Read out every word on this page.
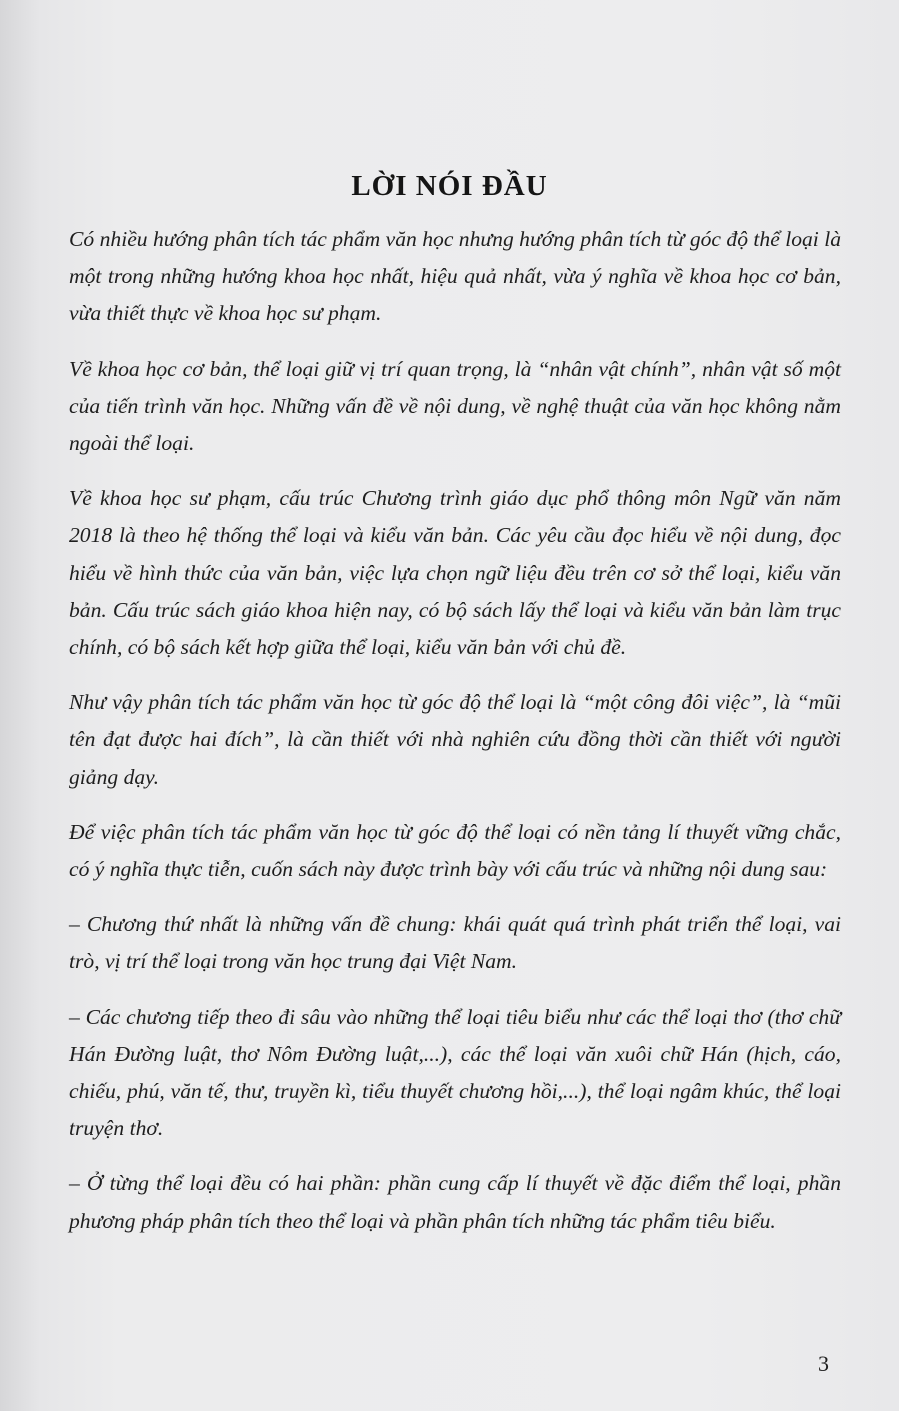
LỜI NÓI ĐẦU

Có nhiều hướng phân tích tác phẩm văn học nhưng hướng phân tích từ góc độ thể loại là một trong những hướng khoa học nhất, hiệu quả nhất, vừa ý nghĩa về khoa học cơ bản, vừa thiết thực về khoa học sư phạm.

Về khoa học cơ bản, thể loại giữ vị trí quan trọng, là “nhân vật chính”, nhân vật số một của tiến trình văn học. Những vấn đề về nội dung, về nghệ thuật của văn học không nằm ngoài thể loại.

Về khoa học sư phạm, cấu trúc Chương trình giáo dục phổ thông môn Ngữ văn năm 2018 là theo hệ thống thể loại và kiểu văn bản. Các yêu cầu đọc hiểu về nội dung, đọc hiểu về hình thức của văn bản, việc lựa chọn ngữ liệu đều trên cơ sở thể loại, kiểu văn bản. Cấu trúc sách giáo khoa hiện nay, có bộ sách lấy thể loại và kiểu văn bản làm trục chính, có bộ sách kết hợp giữa thể loại, kiểu văn bản với chủ đề.

Như vậy phân tích tác phẩm văn học từ góc độ thể loại là “một công đôi việc”, là “mũi tên đạt được hai đích”, là cần thiết với nhà nghiên cứu đồng thời cần thiết với người giảng dạy.

Để việc phân tích tác phẩm văn học từ góc độ thể loại có nền tảng lí thuyết vững chắc, có ý nghĩa thực tiễn, cuốn sách này được trình bày với cấu trúc và những nội dung sau:

– Chương thứ nhất là những vấn đề chung: khái quát quá trình phát triển thể loại, vai trò, vị trí thể loại trong văn học trung đại Việt Nam.

– Các chương tiếp theo đi sâu vào những thể loại tiêu biểu như các thể loại thơ (thơ chữ Hán Đường luật, thơ Nôm Đường luật,...), các thể loại văn xuôi chữ Hán (hịch, cáo, chiếu, phú, văn tế, thư, truyền kì, tiểu thuyết chương hồi,...), thể loại ngâm khúc, thể loại truyện thơ.

– Ở từng thể loại đều có hai phần: phần cung cấp lí thuyết về đặc điểm thể loại, phần phương pháp phân tích theo thể loại và phần phân tích những tác phẩm tiêu biểu.

3
